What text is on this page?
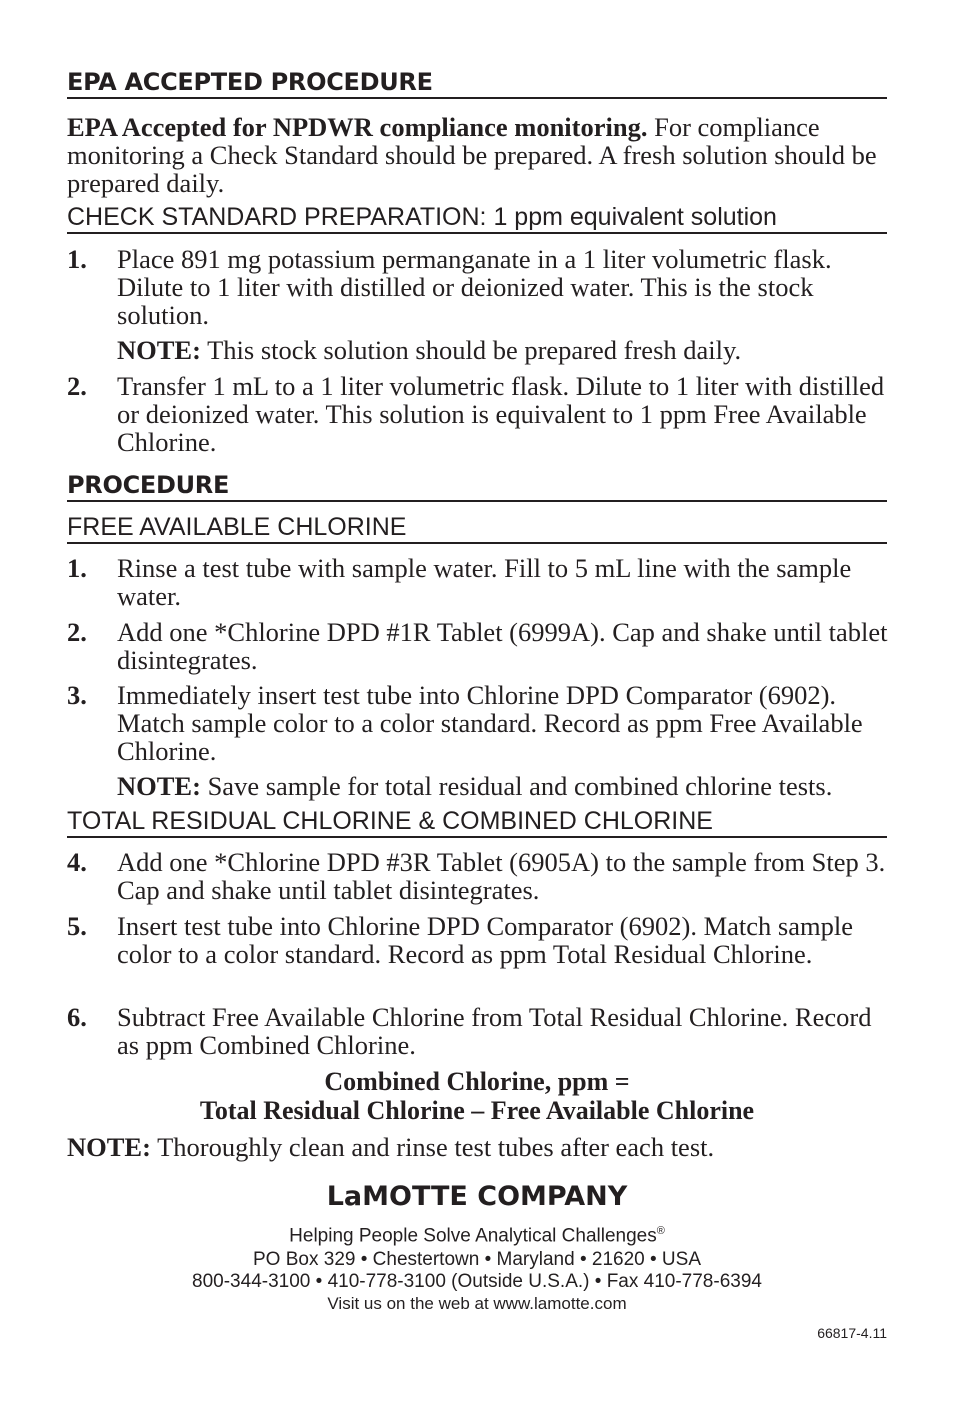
EPA ACCEPTED PROCEDURE
EPA Accepted for NPDWR compliance monitoring. For compliance monitoring a Check Standard should be prepared. A fresh solution should be prepared daily.
CHECK STANDARD PREPARATION: 1 ppm equivalent solution
1.	Place 891 mg potassium permanganate in a 1 liter volumetric flask. Dilute to 1 liter with distilled or deionized water. This is the stock solution.
NOTE: This stock solution should be prepared fresh daily.
2.	Transfer 1 mL to a 1 liter volumetric flask. Dilute to 1 liter with distilled or deionized water. This solution is equivalent to 1 ppm Free Available Chlorine.
PROCEDURE
FREE AVAILABLE CHLORINE
1.	Rinse a test tube with sample water. Fill to 5 mL line with the sample water.
2.	Add one *Chlorine DPD #1R Tablet (6999A). Cap and shake until tablet disintegrates.
3.	Immediately insert test tube into Chlorine DPD Comparator (6902). Match sample color to a color standard. Record as ppm Free Available Chlorine.
NOTE: Save sample for total residual and combined chlorine tests.
TOTAL RESIDUAL CHLORINE & COMBINED CHLORINE
4.	Add one *Chlorine DPD #3R Tablet (6905A) to the sample from Step 3. Cap and shake until tablet disintegrates.
5.	Insert test tube into Chlorine DPD Comparator (6902). Match sample color to a color standard. Record as ppm Total Residual Chlorine.
6.	Subtract Free Available Chlorine from Total Residual Chlorine. Record as ppm Combined Chlorine.
Combined Chlorine, ppm =
Total Residual Chlorine – Free Available Chlorine
NOTE: Thoroughly clean and rinse test tubes after each test.
LaMOTTE COMPANY
Helping People Solve Analytical Challenges®
PO Box 329 • Chestertown • Maryland • 21620 • USA
800-344-3100 • 410-778-3100 (Outside U.S.A.) • Fax 410-778-6394
Visit us on the web at www.lamotte.com
66817-4.11
